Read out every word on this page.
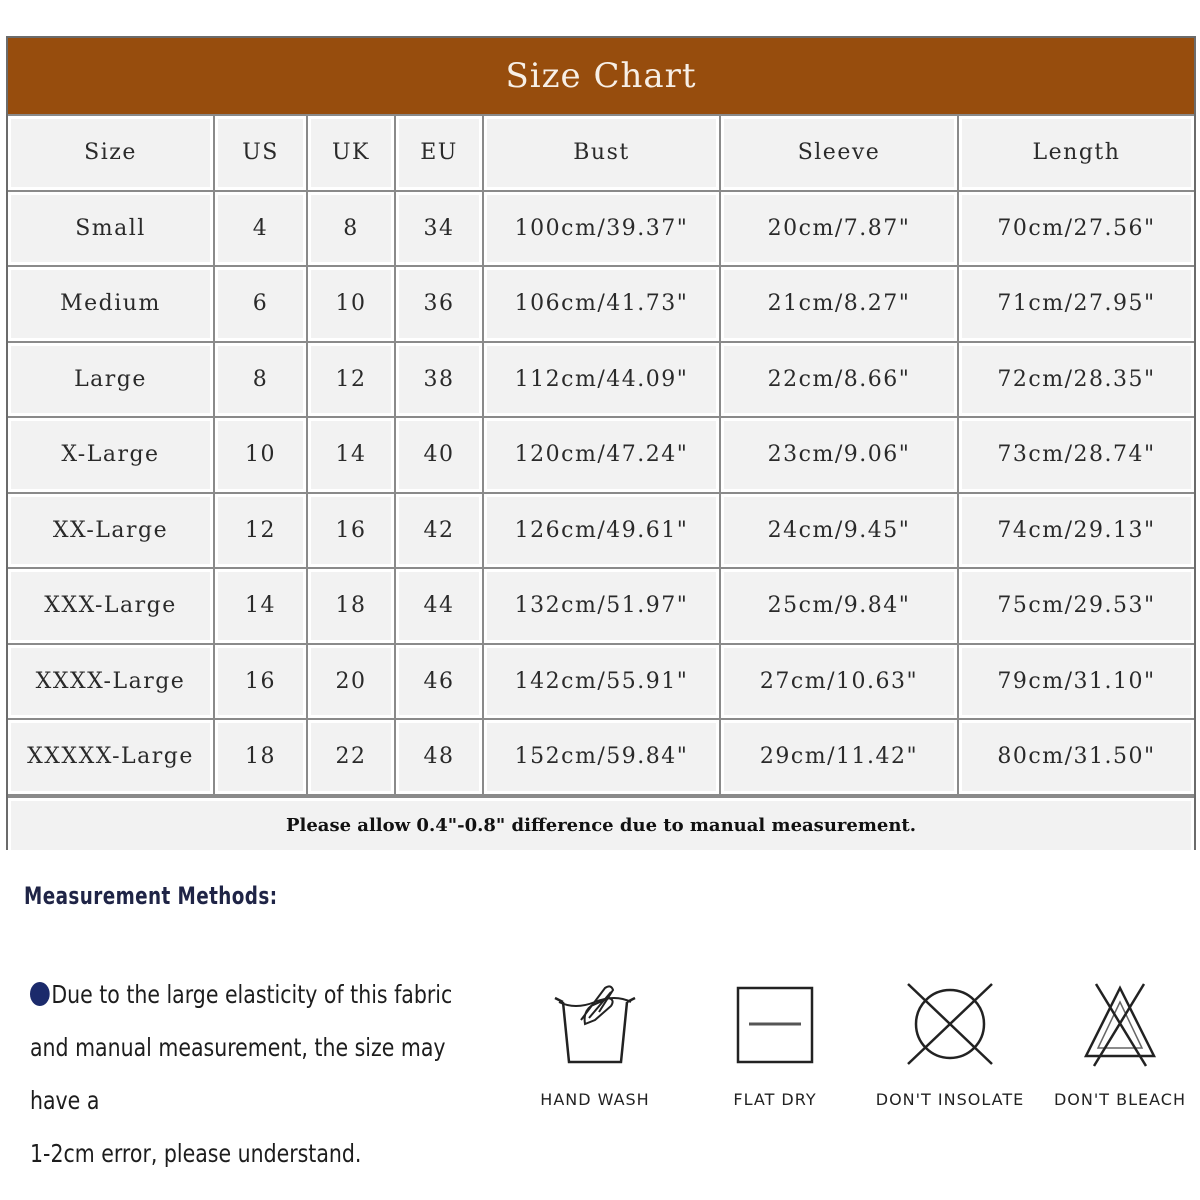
Size Chart
Size	US	UK	EU	Bust	Sleeve	Length
Small	4	8	34	100cm/39.37"	20cm/7.87"	70cm/27.56"
Medium	6	10	36	106cm/41.73"	21cm/8.27"	71cm/27.95"
Large	8	12	38	112cm/44.09"	22cm/8.66"	72cm/28.35"
X-Large	10	14	40	120cm/47.24"	23cm/9.06"	73cm/28.74"
XX-Large	12	16	42	126cm/49.61"	24cm/9.45"	74cm/29.13"
XXX-Large	14	18	44	132cm/51.97"	25cm/9.84"	75cm/29.53"
XXXX-Large	16	20	46	142cm/55.91"	27cm/10.63"	79cm/31.10"
XXXXX-Large	18	22	48	152cm/59.84"	29cm/11.42"	80cm/31.50"
Please allow 0.4"-0.8" difference due to manual measurement.
Measurement Methods:
Due to the large elasticity of this fabric
and manual measurement, the size may have a
1-2cm error, please understand.
HAND WASH	FLAT DRY	DON'T INSOLATE	DON'T BLEACH
